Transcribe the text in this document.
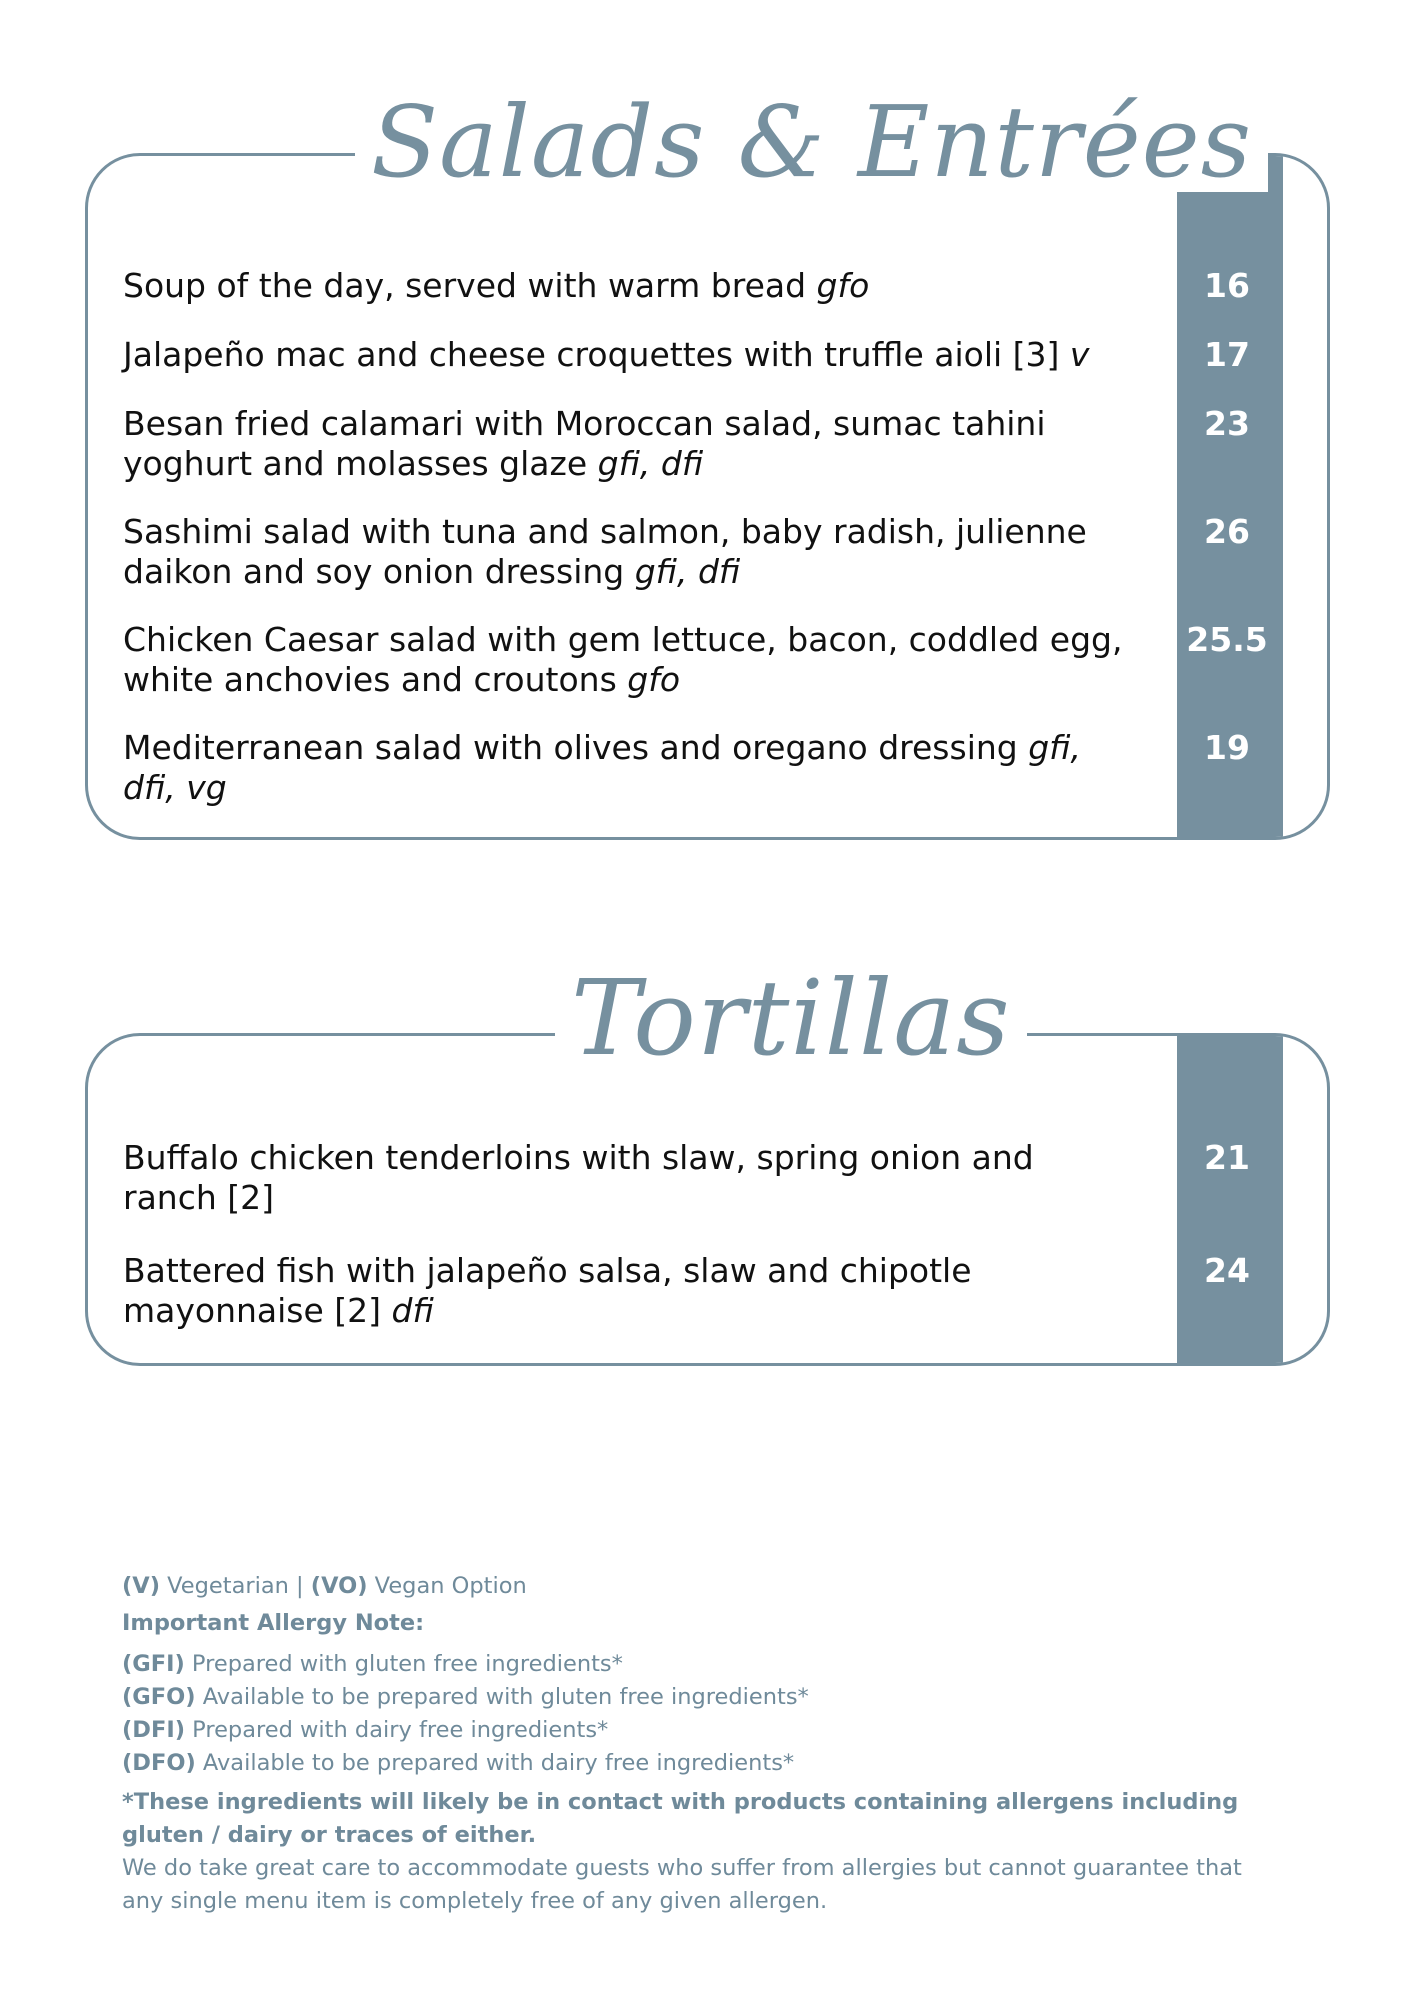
Salads & Entrées
Soup of the day, served with warm bread gfo	16
Jalapeño mac and cheese croquettes with truffle aioli [3] v	17
Besan fried calamari with Moroccan salad, sumac tahini yoghurt and molasses glaze gfi, dfi
23
Sashimi salad with tuna and salmon, baby radish, julienne daikon and soy onion dressing gfi, dfi
26
Chicken Caesar salad with gem lettuce, bacon, coddled egg, white anchovies and croutons gfo
25.5
Mediterranean salad with olives and oregano dressing gfi, dfi, vg
19
Tortillas
Buffalo chicken tenderloins with slaw, spring onion and ranch [2]
21
Battered fish with jalapeño salsa, slaw and chipotle mayonnaise [2] dfi
24
(V) Vegetarian | (VO) Vegan Option
Important Allergy Note:
(GFI) Prepared with gluten free ingredients*
(GFO) Available to be prepared with gluten free ingredients*
(DFI) Prepared with dairy free ingredients*
(DFO) Available to be prepared with dairy free ingredients*
*These ingredients will likely be in contact with products containing allergens including gluten / dairy or traces of either.
We do take great care to accommodate guests who suffer from allergies but cannot guarantee that any single menu item is completely free of any given allergen.
